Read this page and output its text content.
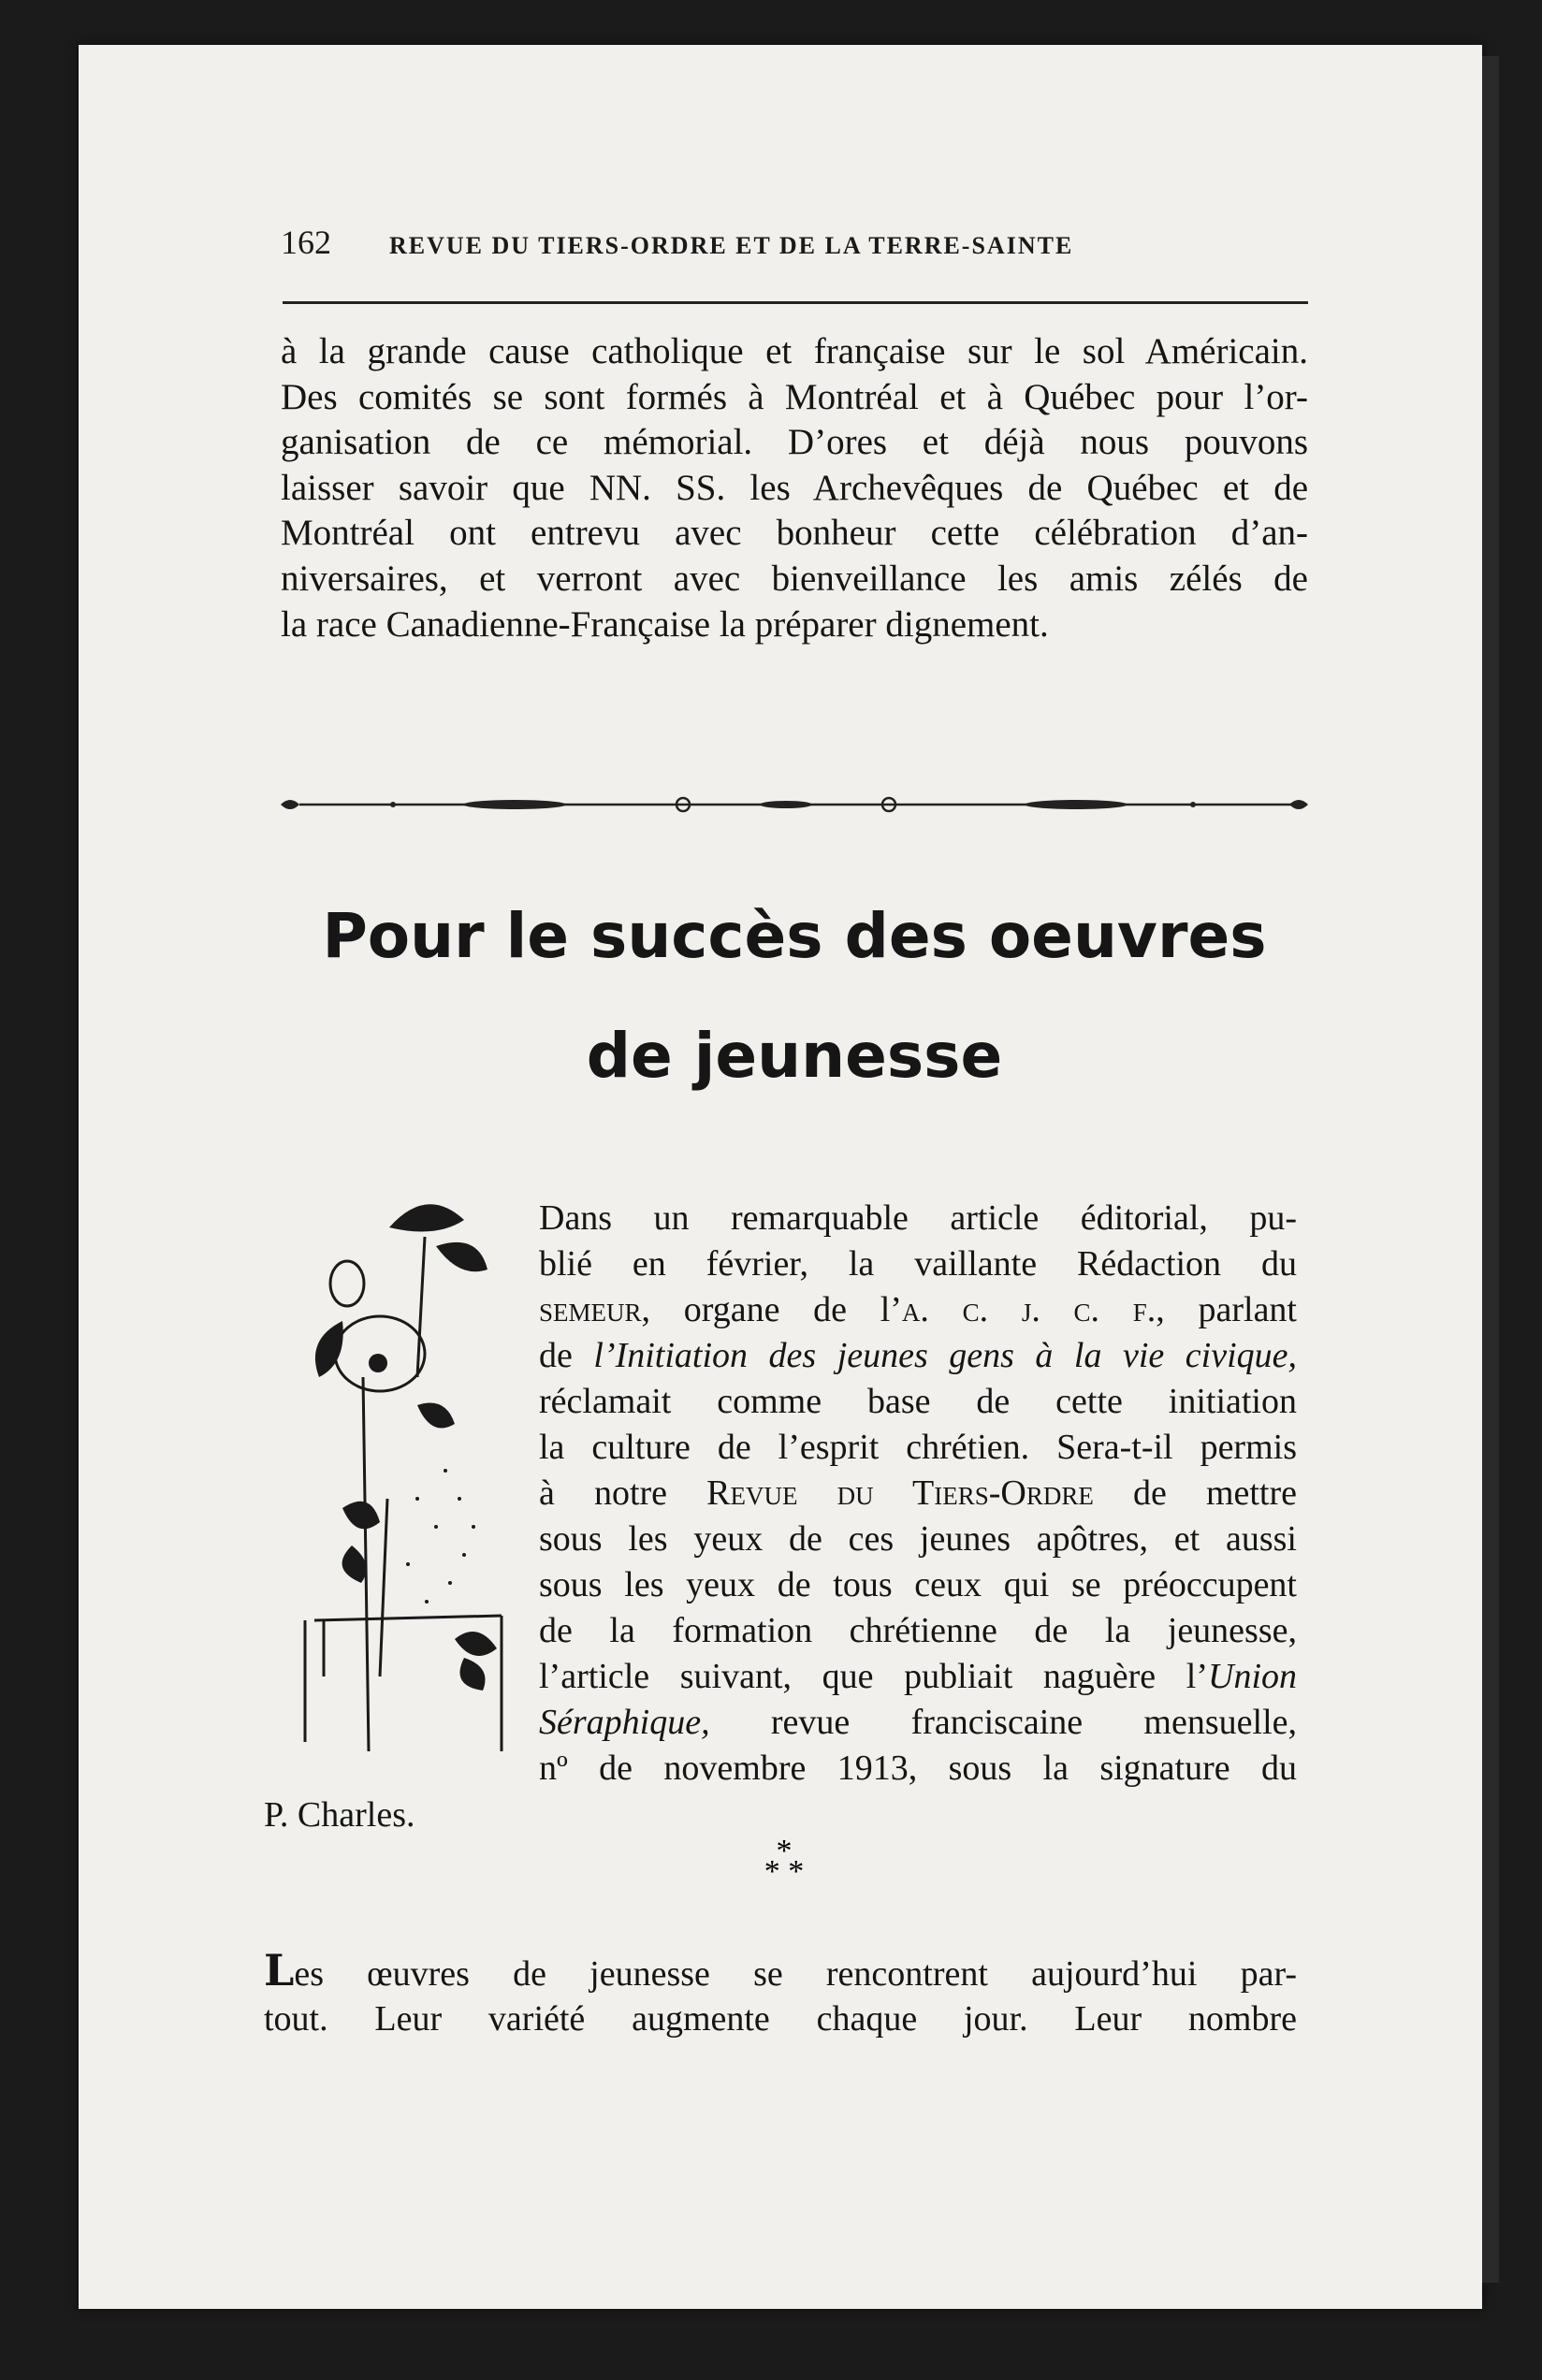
162 REVUE DU TIERS-ORDRE ET DE LA TERRE-SAINTE
à la grande cause catholique et française sur le sol Américain.
Des comités se sont formés à Montréal et à Québec pour l’or-
ganisation de ce mémorial. D’ores et déjà nous pouvons
laisser savoir que NN. SS. les Archevêques de Québec et de
Montréal ont entrevu avec bonheur cette célébration d’an-
niversaires, et verront avec bienveillance les amis zélés de
la race Canadienne-Française la préparer dignement.
Pour le succès des oeuvres
de jeunesse
Dans un remarquable article éditorial, pu-
blié en février, la vaillante Rédaction du
semeur, organe de l’a. c. j. c. f., parlant
de l’Initiation des jeunes gens à la vie civique,
réclamait comme base de cette initiation
la culture de l’esprit chrétien. Sera-t-il permis
à notre Revue du Tiers-Ordre de mettre
sous les yeux de ces jeunes apôtres, et aussi
sous les yeux de tous ceux qui se préoccupent
de la formation chrétienne de la jeunesse,
l’article suivant, que publiait naguère l’Union
Séraphique, revue franciscaine mensuelle,
nº de novembre 1913, sous la signature du
P. Charles.
*
* *
Les œuvres de jeunesse se rencontrent aujourd’hui par-
tout. Leur variété augmente chaque jour. Leur nombre
